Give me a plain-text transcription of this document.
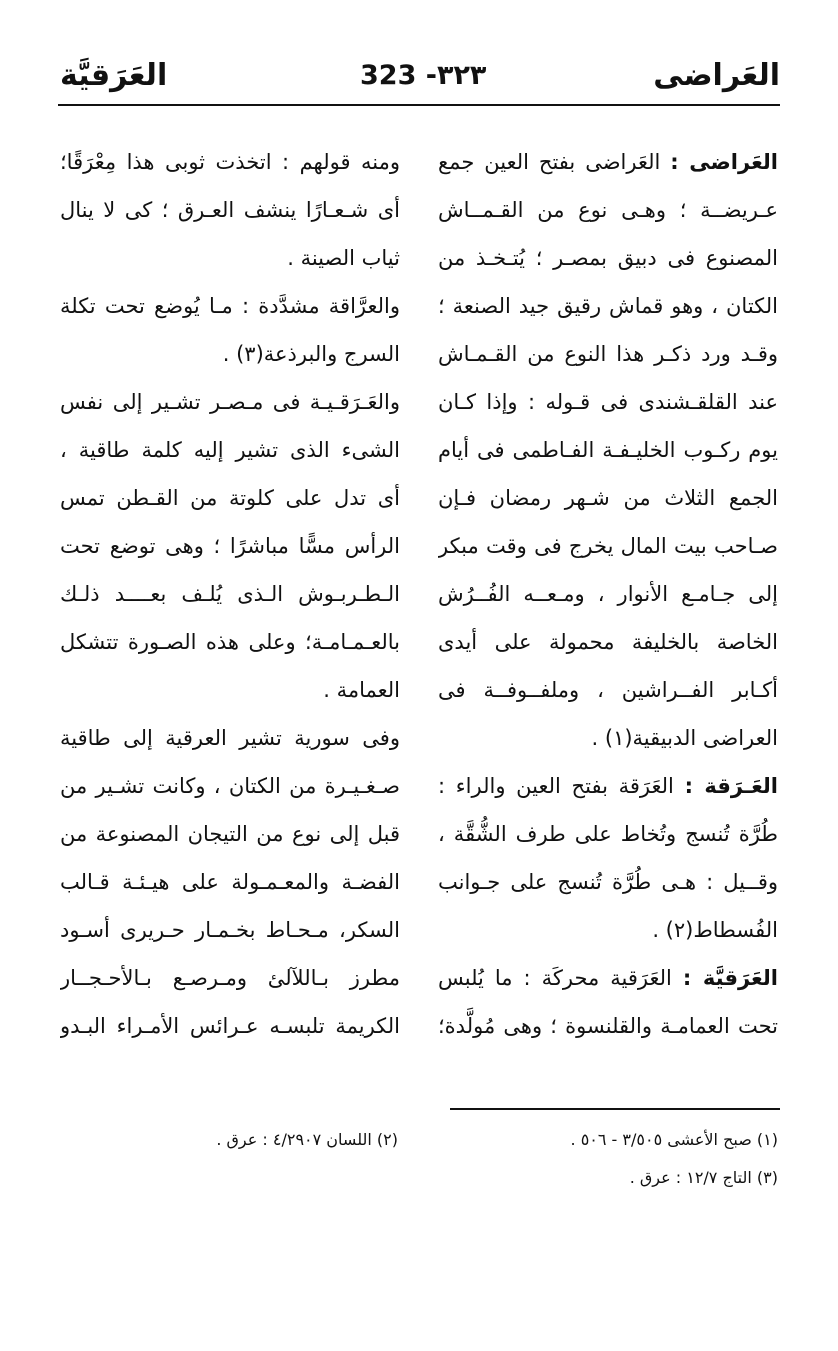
العَراضى
323 -٣٢٣
العَرَقيَّة
العَراضى : العَراضى بفتح العين جمع
عـريضــة ؛ وهـى نوع من القـمــاش
المصنوع فى دبيق بمصـر ؛ يُتـخـذ من
الكتان ، وهو قماش رقيق جيد الصنعة ؛
وقـد ورد ذكـر هذا النوع من القـمـاش
عند القلقـشندى فى قـوله : وإذا كـان
يوم ركـوب الخليـفـة الفـاطمى فى أيام
الجمع الثلاث من شـهر رمضان فـإن
صـاحب بيت المال يخرج فى وقت مبكر
إلى جـامـع الأنوار ، ومـعــه الفُــرُش
الخاصة بالخليفة محمولة على أيدى
أكـابر الفــراشين ، وملفــوفــة فى
العراضى الدبيقية(١) .
العَـرَقة : العَرَقة بفتح العين والراء :
طُرَّة تُنسج وتُخاط على طرف الشُّقَّة ،
وقــيل : هـى طُرَّة تُنسج على جـوانب
الفُسطاط(٢) .
العَرَقيَّة : العَرَقية محركَة : ما يُلبس
تحت العمامـة والقلنسوة ؛ وهى مُولَّدة؛
ومنه قولهم : اتخذت ثوبى هذا مِعْرَقًا؛
أى شـعـارًا ينشف العـرق ؛ كى لا ينال
ثياب الصينة .
والعرَّاقة مشدَّدة : مـا يُوضع تحت تكلة
السرج والبرذعة(٣) .
والعَـرَقـيـة فى مـصـر تشـير إلى نفس
الشىء الذى تشير إليه كلمة طاقية ،
أى تدل على كلوتة من القـطن تمس
الرأس مسًّا مباشرًا ؛ وهى توضع تحت
الـطـربـوش الـذى يُلـف بعــــد ذلـك
بالعـمـامـة؛ وعلى هذه الصـورة تتشكل
العمامة .
وفى سورية تشير العرقية إلى طاقية
صـغـيـرة من الكتان ، وكانت تشـير من
قبل إلى نوع من التيجان المصنوعة من
الفضـة والمعـمـولة على هيـئـة قـالب
السكر، مـحـاط بخـمـار حـريرى أسـود
مطرز بـاللآلئ ومـرصـع بـالأحـجــار
الكريمة تلبسـه عـرائس الأمـراء البـدو
(١) صبح الأعشى ٣/٥٠٥ - ٥٠٦ .
(٢) اللسان ٤/٢٩٠٧ : عرق .
(٣) التاج ١٢/٧ : عرق .
